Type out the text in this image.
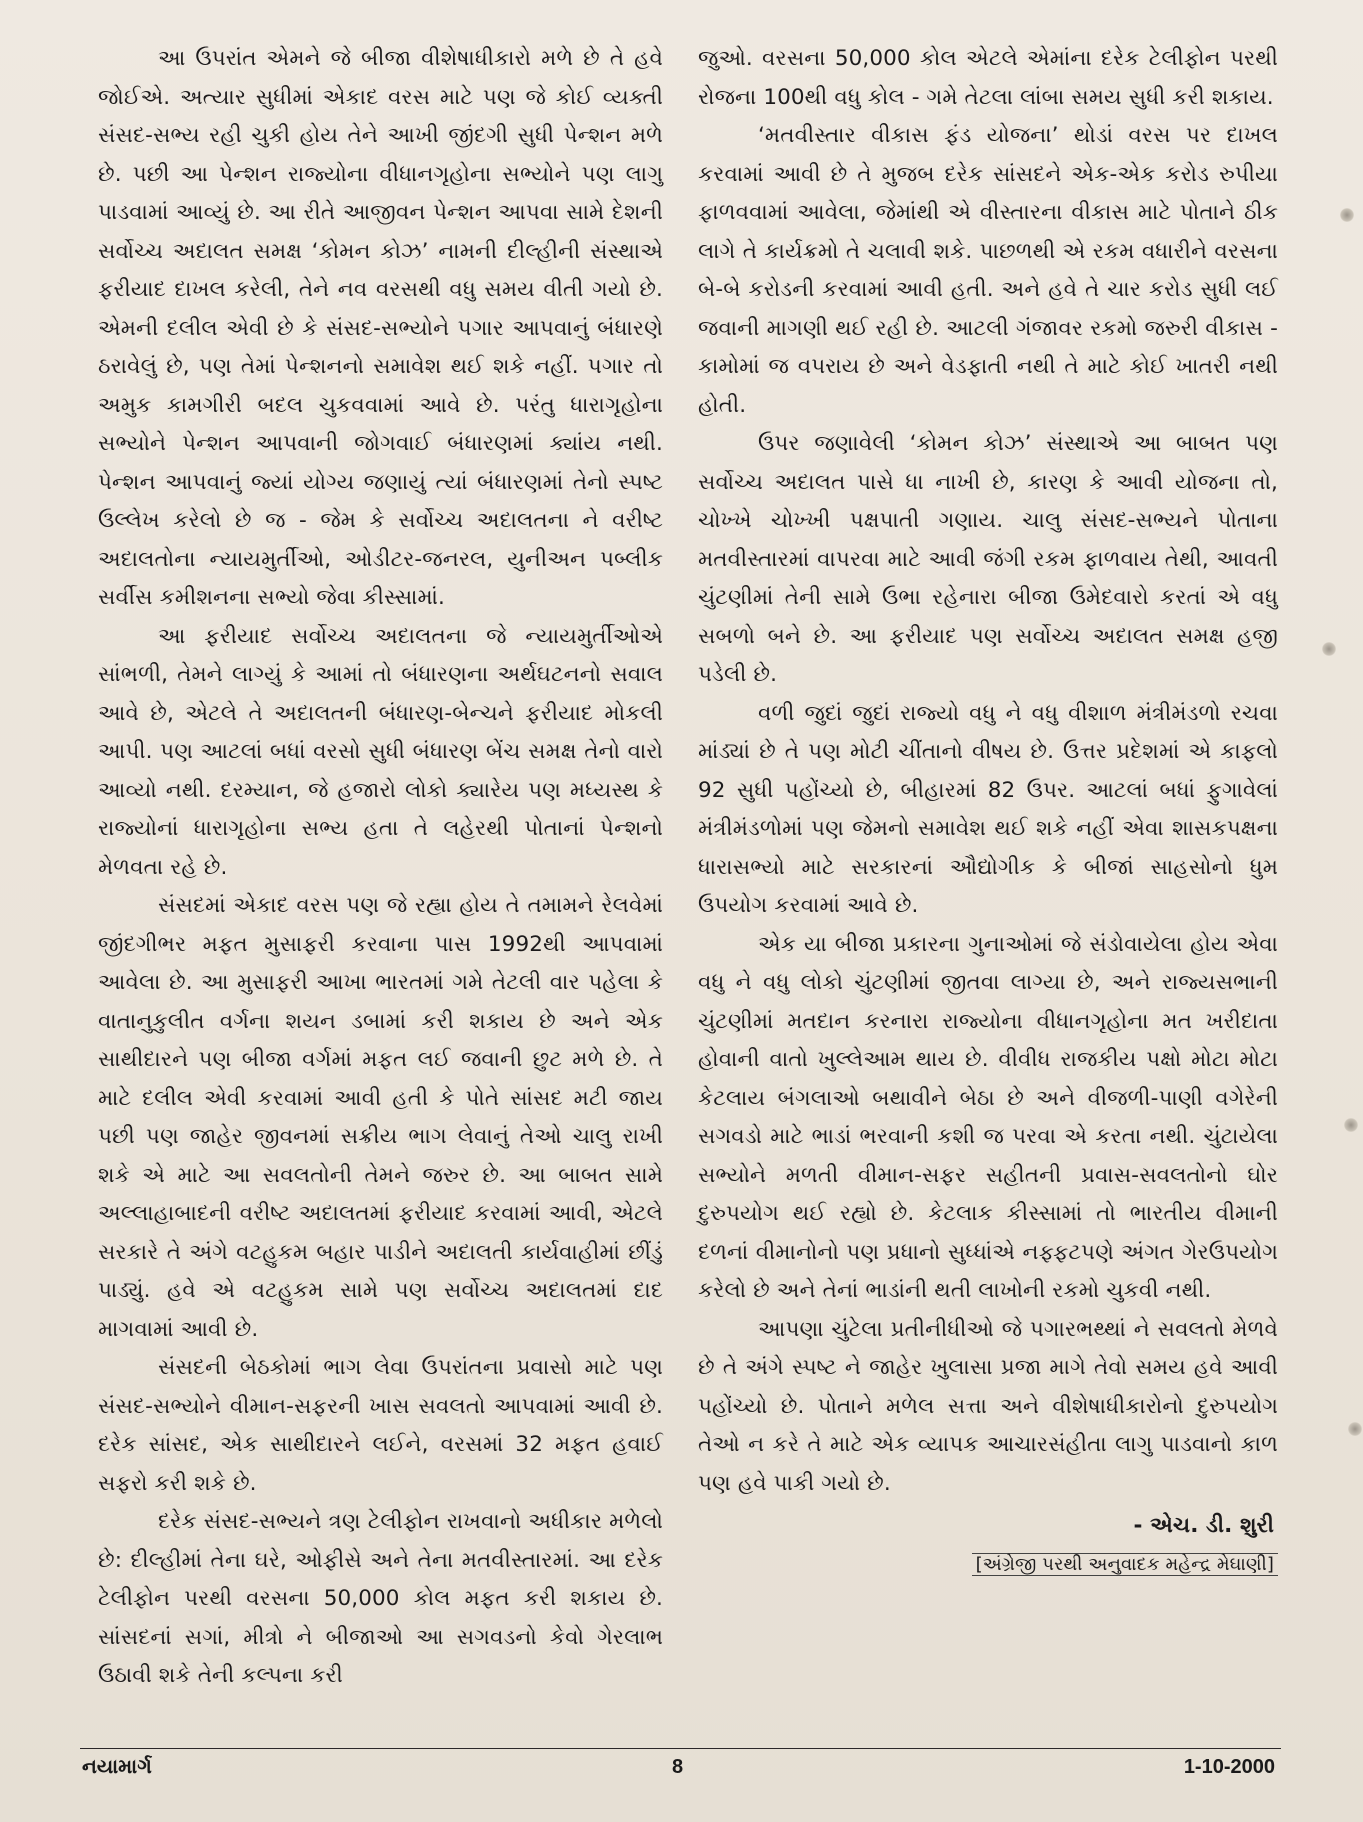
આ ઉપરાંત એમને જે બીજા વીશેષાધીકારો મળે છે તે હવે જોઈએ. અત્યાર સુધીમાં એકાદ વરસ માટે પણ જે કોઈ વ્યક્તી સંસદ-સભ્ય રહી ચુકી હોય તેને આખી જીંદગી સુધી પેન્શન મળે છે. પછી આ પેન્શન રાજ્યોના વીધાનગૃહોના સભ્યોને પણ લાગુ પાડવામાં આવ્યું છે. આ રીતે આજીવન પેન્શન આપવા સામે દેશની સર્વોચ્ચ અદાલત સમક્ષ ‘કોમન કોઝ’ નામની દીલ્હીની સંસ્થાએ ફરીયાદ દાખલ કરેલી, તેને નવ વરસથી વધુ સમય વીતી ગયો છે. એમની દલીલ એવી છે કે સંસદ-સભ્યોને પગાર આપવાનું બંધારણે ઠરાવેલું છે, પણ તેમાં પેન્શનનો સમાવેશ થઈ શકે નહીં. પગાર તો અમુક કામગીરી બદલ ચુકવવામાં આવે છે. પરંતુ ધારાગૃહોના સભ્યોને પેન્શન આપવાની જોગવાઈ બંધારણમાં ક્યાંય નથી. પેન્શન આપવાનું જ્યાં યોગ્ય જણાયું ત્યાં બંધારણમાં તેનો સ્પષ્ટ ઉલ્લેખ કરેલો છે જ - જેમ કે સર્વોચ્ચ અદાલતના ને વરીષ્ટ અદાલતોના ન્યાયમુર્તીઓ, ઓડીટર-જનરલ, યુનીઅન પબ્લીક સર્વીસ કમીશનના સભ્યો જેવા કીસ્સામાં.

આ ફરીયાદ સર્વોચ્ચ અદાલતના જે ન્યાયમુર્તીઓએ સાંભળી, તેમને લાગ્યું કે આમાં તો બંધારણના અર્થઘટનનો સવાલ આવે છે, એટલે તે અદાલતની બંધારણ-બેન્ચને ફરીયાદ મોકલી આપી. પણ આટલાં બધાં વરસો સુધી બંધારણ બેંચ સમક્ષ તેનો વારો આવ્યો નથી. દરમ્યાન, જે હજારો લોકો ક્યારેય પણ મધ્યસ્થ કે રાજ્યોનાં ધારાગૃહોના સભ્ય હતા તે લહેરથી પોતાનાં પેન્શનો મેળવતા રહે છે.

સંસદમાં એકાદ વરસ પણ જે રહ્યા હોય તે તમામને રેલવેમાં જીંદગીભર મફત મુસાફરી કરવાના પાસ 1992થી આપવામાં આવેલા છે. આ મુસાફરી આખા ભારતમાં ગમે તેટલી વાર પહેલા કે વાતાનુકુલીત વર્ગના શયન ડબામાં કરી શકાય છે અને એક સાથીદારને પણ બીજા વર્ગમાં મફત લઈ જવાની છુટ મળે છે. તે માટે દલીલ એવી કરવામાં આવી હતી કે પોતે સાંસદ મટી જાય પછી પણ જાહેર જીવનમાં સક્રીય ભાગ લેવાનું તેઓ ચાલુ રાખી શકે એ માટે આ સવલતોની તેમને જરુર છે. આ બાબત સામે અલ્લાહાબાદની વરીષ્ટ અદાલતમાં ફરીયાદ કરવામાં આવી, એટલે સરકારે તે અંગે વટહુકમ બહાર પાડીને અદાલતી કાર્યવાહીમાં છીંડું પાડ્યું. હવે એ વટહુકમ સામે પણ સર્વોચ્ચ અદાલતમાં દાદ માગવામાં આવી છે.

સંસદની બેઠકોમાં ભાગ લેવા ઉપરાંતના પ્રવાસો માટે પણ સંસદ-સભ્યોને વીમાન-સફરની ખાસ સવલતો આપવામાં આવી છે. દરેક સાંસદ, એક સાથીદારને લઈને, વરસમાં 32 મફત હવાઈ સફરો કરી શકે છે.

દરેક સંસદ-સભ્યને ત્રણ ટેલીફોન રાખવાનો અધીકાર મળેલો છે: દીલ્હીમાં તેના ઘરે, ઓફીસે અને તેના મતવીસ્તારમાં. આ દરેક ટેલીફોન પરથી વરસના 50,000 કોલ મફત કરી શકાય છે. સાંસદનાં સગાં, મીત્રો ને બીજાઓ આ સગવડનો કેવો ગેરલાભ ઉઠાવી શકે તેની કલ્પના કરી

જુઓ. વરસના 50,000 કોલ એટલે એમાંના દરેક ટેલીફોન પરથી રોજના 100થી વધુ કોલ - ગમે તેટલા લાંબા સમય સુધી કરી શકાય.

‘મતવીસ્તાર વીકાસ ફંડ યોજના’ થોડાં વરસ પર દાખલ કરવામાં આવી છે તે મુજબ દરેક સાંસદને એક-એક કરોડ રુપીયા ફાળવવામાં આવેલા, જેમાંથી એ વીસ્તારના વીકાસ માટે પોતાને ઠીક લાગે તે કાર્યક્રમો તે ચલાવી શકે. પાછળથી એ રકમ વધારીને વરસના બે-બે કરોડની કરવામાં આવી હતી. અને હવે તે ચાર કરોડ સુધી લઈ જવાની માગણી થઈ રહી છે. આટલી ગંજાવર રકમો જરુરી વીકાસ - કામોમાં જ વપરાય છે અને વેડફાતી નથી તે માટે કોઈ ખાતરી નથી હોતી.

ઉપર જણાવેલી ‘કોમન કોઝ’ સંસ્થાએ આ બાબત પણ સર્વોચ્ચ અદાલત પાસે ધા નાખી છે, કારણ કે આવી યોજના તો, ચોખ્ખે ચોખ્ખી પક્ષપાતી ગણાય. ચાલુ સંસદ-સભ્યને પોતાના મતવીસ્તારમાં વાપરવા માટે આવી જંગી રકમ ફાળવાય તેથી, આવતી ચુંટણીમાં તેની સામે ઉભા રહેનારા બીજા ઉમેદવારો કરતાં એ વધુ સબળો બને છે. આ ફરીયાદ પણ સર્વોચ્ચ અદાલત સમક્ષ હજી પડેલી છે.

વળી જુદાં જુદાં રાજ્યો વધુ ને વધુ વીશાળ મંત્રીમંડળો રચવા માંડ્યાં છે તે પણ મોટી ચીંતાનો વીષય છે. ઉત્તર પ્રદેશમાં એ કાફલો 92 સુધી પહોંચ્યો છે, બીહારમાં 82 ઉપર. આટલાં બધાં ફુગાવેલાં મંત્રીમંડળોમાં પણ જેમનો સમાવેશ થઈ શકે નહીં એવા શાસકપક્ષના ધારાસભ્યો માટે સરકારનાં ઔદ્યોગીક કે બીજાં સાહસોનો ધુમ ઉપયોગ કરવામાં આવે છે.

એક યા બીજા પ્રકારના ગુનાઓમાં જે સંડોવાયેલા હોય એવા વધુ ને વધુ લોકો ચુંટણીમાં જીતવા લાગ્યા છે, અને રાજ્યસભાની ચુંટણીમાં મતદાન કરનારા રાજ્યોના વીધાનગૃહોના મત ખરીદાતા હોવાની વાતો ખુલ્લેઆમ થાય છે. વીવીધ રાજકીય પક્ષો મોટા મોટા કેટલાય બંગલાઓ બથાવીને બેઠા છે અને વીજળી-પાણી વગેરેની સગવડો માટે ભાડાં ભરવાની કશી જ પરવા એ કરતા નથી. ચુંટાયેલા સભ્યોને મળતી વીમાન-સફર સહીતની પ્રવાસ-સવલતોનો ઘોર દુરુપયોગ થઈ રહ્યો છે. કેટલાક કીસ્સામાં તો ભારતીય વીમાની દળનાં વીમાનોનો પણ પ્રધાનો સુધ્ધાંએ નફ્ફટપણે અંગત ગેરઉપયોગ કરેલો છે અને તેનાં ભાડાંની થતી લાખોની રકમો ચુકવી નથી.

આપણા ચુંટેલા પ્રતીનીધીઓ જે પગારભથ્થાં ને સવલતો મેળવે છે તે અંગે સ્પષ્ટ ને જાહેર ખુલાસા પ્રજા માગે તેવો સમય હવે આવી પહોંચ્યો છે. પોતાને મળેલ સત્તા અને વીશેષાધીકારોનો દુરુપયોગ તેઓ ન કરે તે માટે એક વ્યાપક આચારસંહીતા લાગુ પાડવાનો કાળ પણ હવે પાકી ગયો છે.

- એચ. ડી. શુરી
[અંગ્રેજી પરથી અનુવાદક મહેન્દ્ર મેઘાણી]
નયામાર્ગ	8	1-10-2000
